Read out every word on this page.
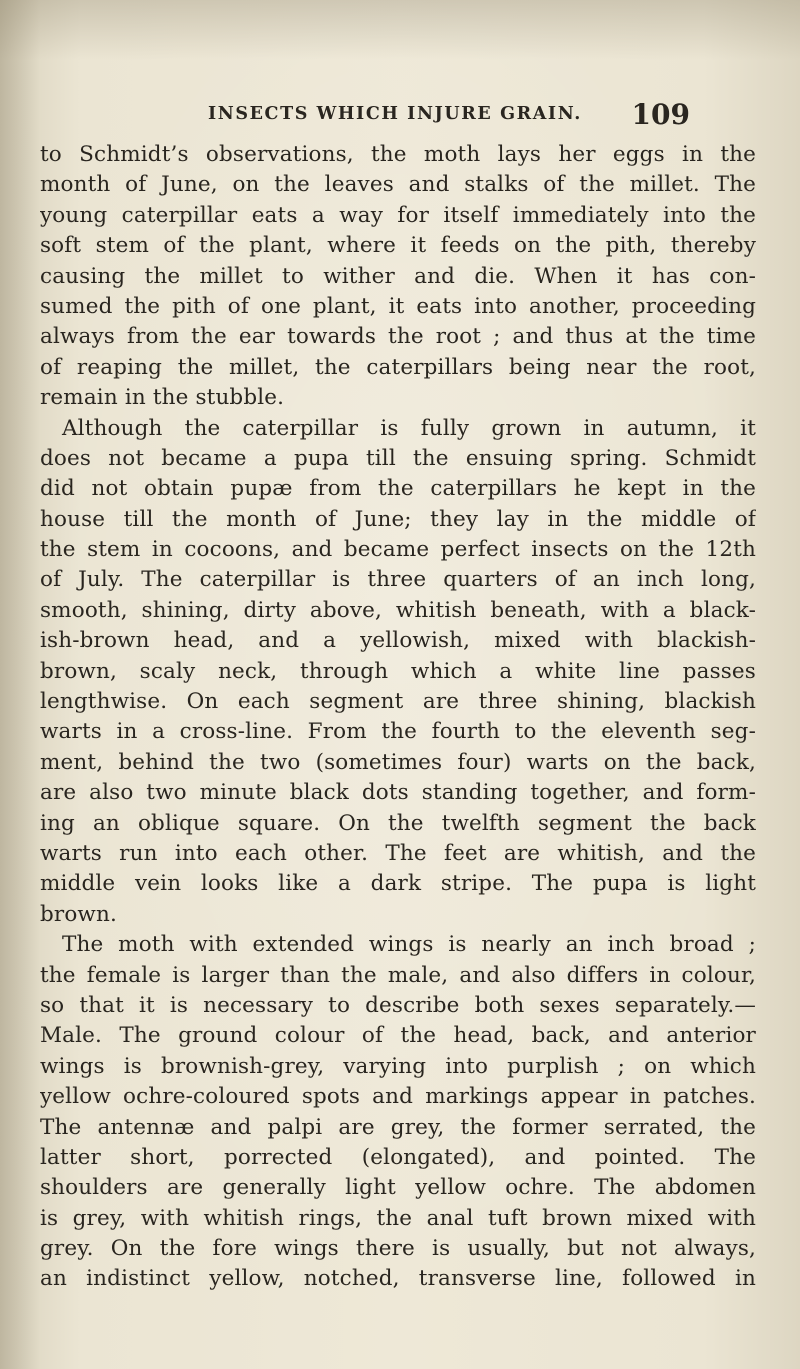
INSECTS WHICH INJURE GRAIN. 109
to Schmidt’s observations, the moth lays her eggs in the
month of June, on the leaves and stalks of the millet. The
young caterpillar eats a way for itself immediately into the
soft stem of the plant, where it feeds on the pith, thereby
causing the millet to wither and die. When it has con-
sumed the pith of one plant, it eats into another, proceeding
always from the ear towards the root ; and thus at the time
of reaping the millet, the caterpillars being near the root,
remain in the stubble.
Although the caterpillar is fully grown in autumn, it
does not became a pupa till the ensuing spring. Schmidt
did not obtain pupæ from the caterpillars he kept in the
house till the month of June; they lay in the middle of
the stem in cocoons, and became perfect insects on the 12th
of July. The caterpillar is three quarters of an inch long,
smooth, shining, dirty above, whitish beneath, with a black-
ish-brown head, and a yellowish, mixed with blackish-
brown, scaly neck, through which a white line passes
lengthwise. On each segment are three shining, blackish
warts in a cross-line. From the fourth to the eleventh seg-
ment, behind the two (sometimes four) warts on the back,
are also two minute black dots standing together, and form-
ing an oblique square. On the twelfth segment the back
warts run into each other. The feet are whitish, and the
middle vein looks like a dark stripe. The pupa is light
brown.
The moth with extended wings is nearly an inch broad ;
the female is larger than the male, and also differs in colour,
so that it is necessary to describe both sexes separately.—
Male. The ground colour of the head, back, and anterior
wings is brownish-grey, varying into purplish ; on which
yellow ochre-coloured spots and markings appear in patches.
The antennæ and palpi are grey, the former serrated, the
latter short, porrected (elongated), and pointed. The
shoulders are generally light yellow ochre. The abdomen
is grey, with whitish rings, the anal tuft brown mixed with
grey. On the fore wings there is usually, but not always,
an indistinct yellow, notched, transverse line, followed in
